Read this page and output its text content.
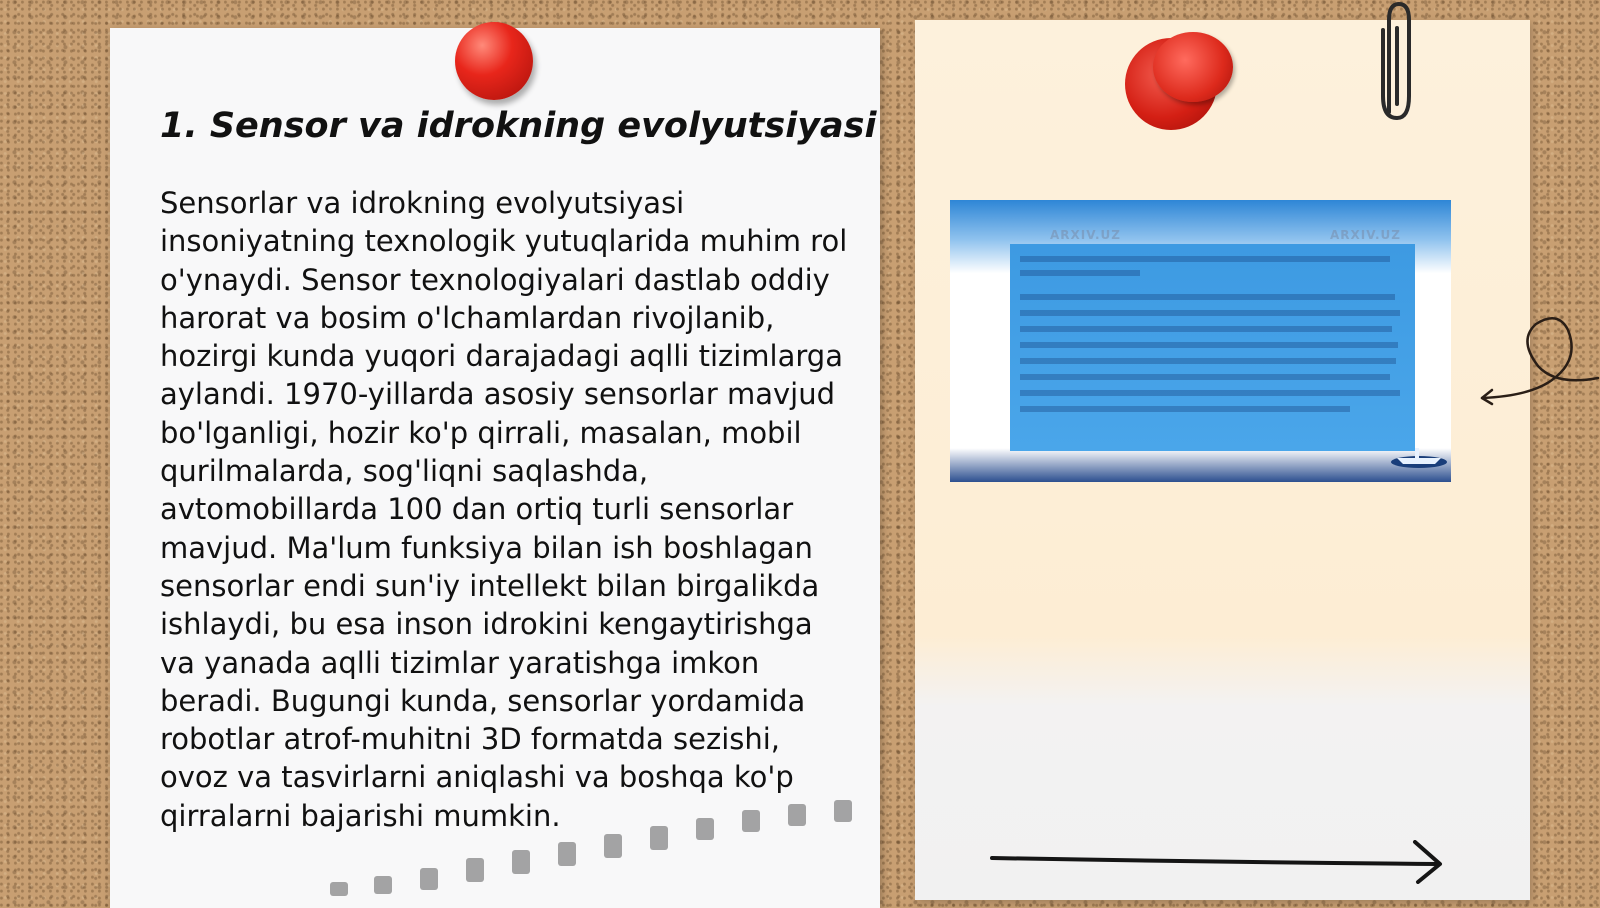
1. Sensor va idrokning evolyutsiyasi

Sensorlar va idrokning evolyutsiyasi insoniyatning texnologik yutuqlarida muhim rol o'ynaydi. Sensor texnologiyalari dastlab oddiy harorat va bosim o'lchamlardan rivojlanib, hozirgi kunda yuqori darajadagi aqlli tizimlarga aylandi. 1970-yillarda asosiy sensorlar mavjud bo'lganligi, hozir ko'p qirrali, masalan, mobil qurilmalarda, sog'liqni saqlashda, avtomobillarda 100 dan ortiq turli sensorlar mavjud. Ma'lum funksiya bilan ish boshlagan sensorlar endi sun'iy intellekt bilan birgalikda ishlaydi, bu esa inson idrokini kengaytirishga va yanada aqlli tizimlar yaratishga imkon beradi. Bugungi kunda, sensorlar yordamida robotlar atrof-muhitni 3D formatda sezishi, ovoz va tasvirlarni aniqlashi va boshqa ko'p qirralarni bajarishi mumkin.

ARXIV.UZ	ARXIV.UZ
